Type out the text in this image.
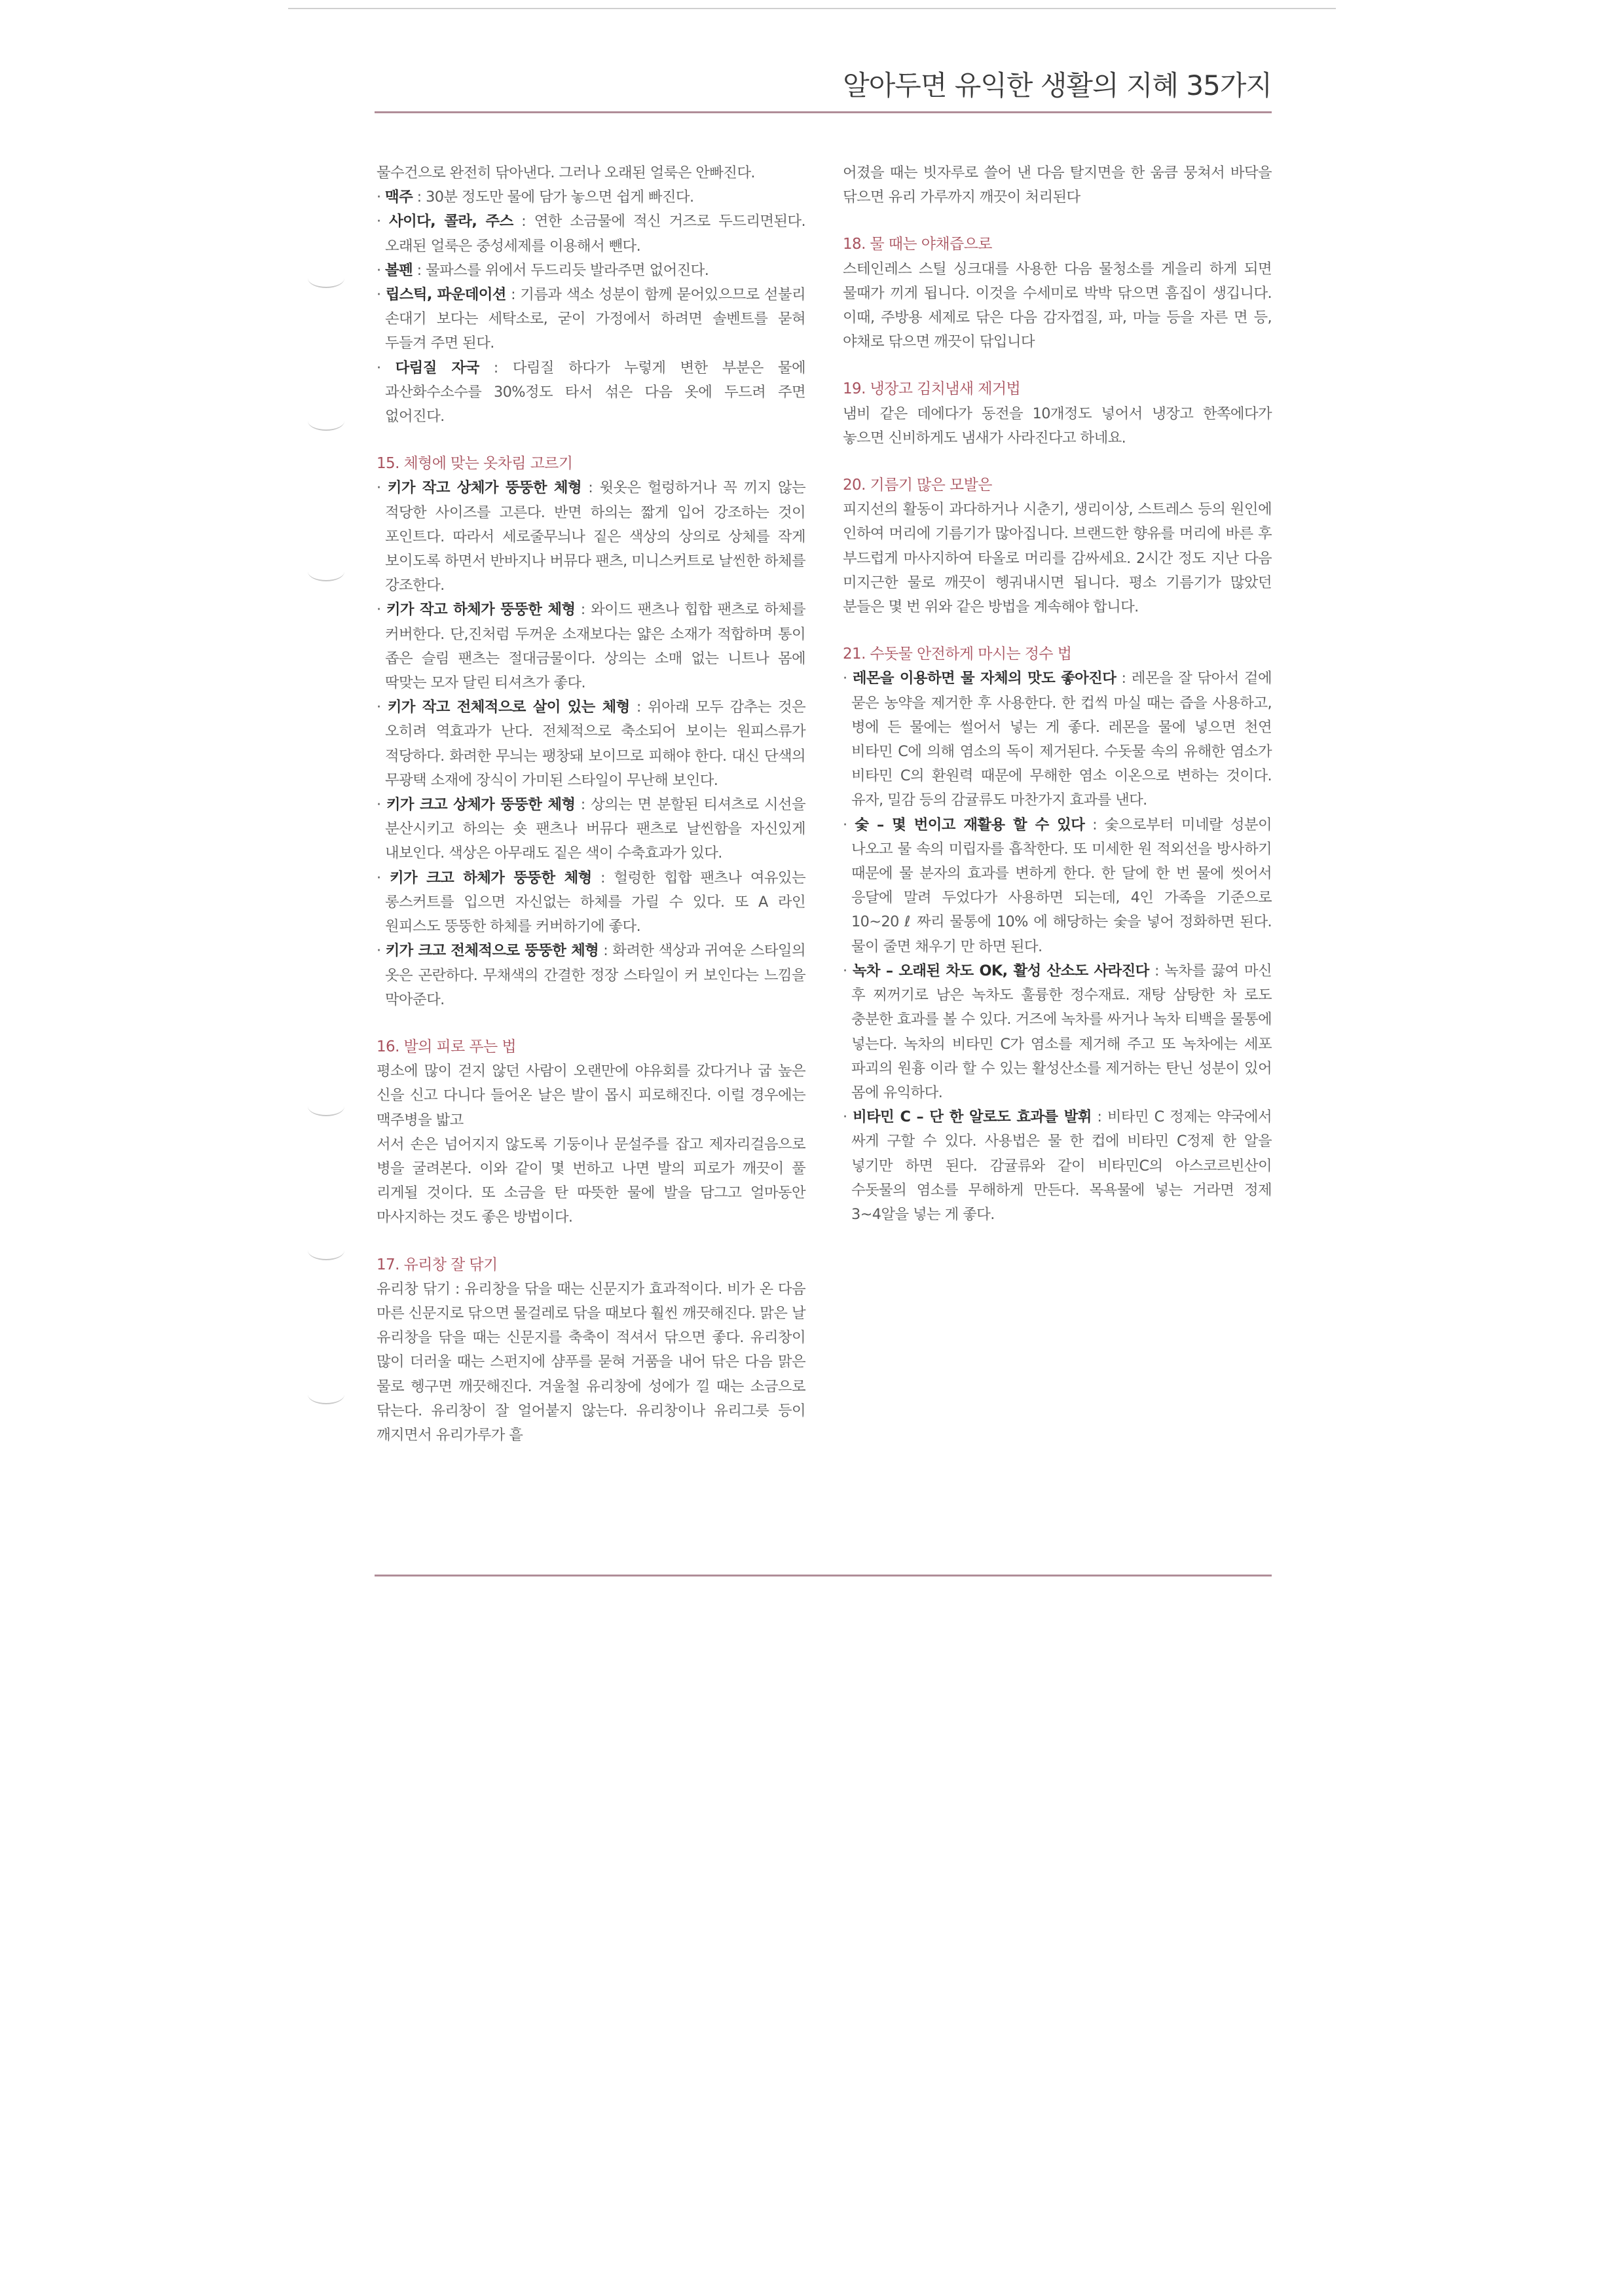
알아두면 유익한 생활의 지혜 35가지

물수건으로 완전히 닦아낸다. 그러나 오래된 얼룩은 안빠진다.

· 맥주 : 30분 정도만 물에 담가 놓으면 쉽게 빠진다.

· 사이다, 콜라, 주스 : 연한 소금물에 적신 거즈로 두드리면된다. 오래된 얼룩은 중성세제를 이용해서 뺀다.

· 볼펜 : 물파스를 위에서 두드리듯 발라주면 없어진다.

· 립스틱, 파운데이션 : 기름과 색소 성분이 함께 묻어있으므로 섣불리 손대기 보다는 세탁소로, 굳이 가정에서 하려면 솔벤트를 묻혀 두들겨 주면 된다.

· 다림질 자국 : 다림질 하다가 누렇게 변한 부분은 물에 과산화수소수를 30%정도 타서 섞은 다음 옷에 두드려 주면 없어진다.

15. 체형에 맞는 옷차림 고르기

· 키가 작고 상체가 뚱뚱한 체형 : 윗옷은 헐렁하거나 꼭 끼지 않는 적당한 사이즈를 고른다. 반면 하의는 짧게 입어 강조하는 것이 포인트다. 따라서 세로줄무늬나 짙은 색상의 상의로 상체를 작게 보이도록 하면서 반바지나 버뮤다 팬츠, 미니스커트로 날씬한 하체를 강조한다.

· 키가 작고 하체가 뚱뚱한 체형 : 와이드 팬츠나 힙합 팬츠로 하체를 커버한다. 단,진처럼 두꺼운 소재보다는 얇은 소재가 적합하며 통이 좁은 슬림 팬츠는 절대금물이다. 상의는 소매 없는 니트나 몸에 딱맞는 모자 달린 티셔츠가 좋다.

· 키가 작고 전체적으로 살이 있는 체형 : 위아래 모두 감추는 것은 오히려 역효과가 난다. 전체적으로 축소되어 보이는 원피스류가 적당하다. 화려한 무늬는 팽창돼 보이므로 피해야 한다. 대신 단색의 무광택 소재에 장식이 가미된 스타일이 무난해 보인다.

· 키가 크고 상체가 뚱뚱한 체형 : 상의는 면 분할된 티셔츠로 시선을 분산시키고 하의는 숏 팬츠나 버뮤다 팬츠로 날씬함을 자신있게 내보인다. 색상은 아무래도 짙은 색이 수축효과가 있다.

· 키가 크고 하체가 뚱뚱한 체형 : 헐렁한 힙합 팬츠나 여유있는 롱스커트를 입으면 자신없는 하체를 가릴 수 있다. 또 A 라인 원피스도 뚱뚱한 하체를 커버하기에 좋다.

· 키가 크고 전체적으로 뚱뚱한 체형 : 화려한 색상과 귀여운 스타일의 옷은 곤란하다. 무채색의 간결한 정장 스타일이 커 보인다는 느낌을 막아준다.

16. 발의 피로 푸는 법

평소에 많이 걷지 않던 사람이 오랜만에 야유회를 갔다거나 굽 높은 신을 신고 다니다 들어온 날은 발이 몹시 피로해진다. 이럴 경우에는 맥주병을 밟고

서서 손은 넘어지지 않도록 기둥이나 문설주를 잡고 제자리걸음으로 병을 굴려본다. 이와 같이 몇 번하고 나면 발의 피로가 깨끗이 풀 리게될 것이다. 또 소금을 탄 따뜻한 물에 발을 담그고 얼마동안 마사지하는 것도 좋은 방법이다.

17. 유리창 잘 닦기

유리창 닦기 : 유리창을 닦을 때는 신문지가 효과적이다. 비가 온 다음 마른 신문지로 닦으면 물걸레로 닦을 때보다 훨씬 깨끗해진다. 맑은 날 유리창을 닦을 때는 신문지를 축축이 적셔서 닦으면 좋다. 유리창이 많이 더러울 때는 스펀지에 샴푸를 묻혀 거품을 내어 닦은 다음 맑은 물로 헹구면 깨끗해진다. 겨울철 유리창에 성에가 낄 때는 소금으로 닦는다. 유리창이 잘 얼어붙지 않는다. 유리창이나 유리그릇 등이 깨지면서 유리가루가 흩

어졌을 때는 빗자루로 쓸어 낸 다음 탈지면을 한 움큼 뭉쳐서 바닥을 닦으면 유리 가루까지 깨끗이 처리된다

18. 물 때는 야채즙으로

스테인레스 스틸 싱크대를 사용한 다음 물청소를 게을리 하게 되면 물때가 끼게 됩니다. 이것을 수세미로 박박 닦으면 흠집이 생깁니다.이때, 주방용 세제로 닦은 다음 감자껍질, 파, 마늘 등을 자른 면 등,야채로 닦으면 깨끗이 닦입니다

19. 냉장고 김치냄새 제거법

냄비 같은 데에다가 동전을 10개정도 넣어서 냉장고 한쪽에다가 놓으면 신비하게도 냄새가 사라진다고 하네요.

20. 기름기 많은 모발은

피지선의 활동이 과다하거나 시춘기, 생리이상, 스트레스 등의 원인에 인하여 머리에 기름기가 많아집니다. 브랜드한 향유를 머리에 바른 후 부드럽게 마사지하여 타올로 머리를 감싸세요. 2시간 정도 지난 다음 미지근한 물로 깨끗이 헹궈내시면 됩니다. 평소 기름기가 많았던 분들은 몇 번 위와 같은 방법을 계속해야 합니다.

21. 수돗물 안전하게 마시는 정수 법

· 레몬을 이용하면 물 자체의 맛도 좋아진다 : 레몬을 잘 닦아서 겉에 묻은 농약을 제거한 후 사용한다. 한 컵씩 마실 때는 즙을 사용하고, 병에 든 물에는 썰어서 넣는 게 좋다. 레몬을 물에 넣으면 천연 비타민 C에 의해 염소의 독이 제거된다. 수돗물 속의 유해한 염소가 비타민 C의 환원력 때문에 무해한 염소 이온으로 변하는 것이다. 유자, 밀감 등의 감귤류도 마찬가지 효과를 낸다.

· 숯 – 몇 번이고 재활용 할 수 있다 : 숯으로부터 미네랄 성분이 나오고 물 속의 미립자를 흡착한다. 또 미세한 원 적외선을 방사하기 때문에 물 분자의 효과를 변하게 한다. 한 달에 한 번 물에 씻어서 응달에 말려 두었다가 사용하면 되는데, 4인 가족을 기준으로 10~20 ℓ 짜리 물통에 10% 에 해당하는 숯을 넣어 정화하면 된다. 물이 줄면 채우기 만 하면 된다.

· 녹차 – 오래된 차도 OK, 활성 산소도 사라진다 : 녹차를 끓여 마신 후 찌꺼기로 남은 녹차도 훌륭한 정수재료. 재탕 삼탕한 차 로도 충분한 효과를 볼 수 있다. 거즈에 녹차를 싸거나 녹차 티백을 물통에 넣는다. 녹차의 비타민 C가 염소를 제거해 주고 또 녹차에는 세포 파괴의 원흉 이라 할 수 있는 활성산소를 제거하는 탄닌 성분이 있어 몸에 유익하다.

· 비타민 C – 단 한 알로도 효과를 발휘 : 비타민 C 정제는 약국에서 싸게 구할 수 있다. 사용법은 물 한 컵에 비타민 C정제 한 알을 넣기만 하면 된다. 감귤류와 같이 비타민C의 아스코르빈산이 수돗물의 염소를 무해하게 만든다. 목욕물에 넣는 거라면 정제 3~4알을 넣는 게 좋다.
